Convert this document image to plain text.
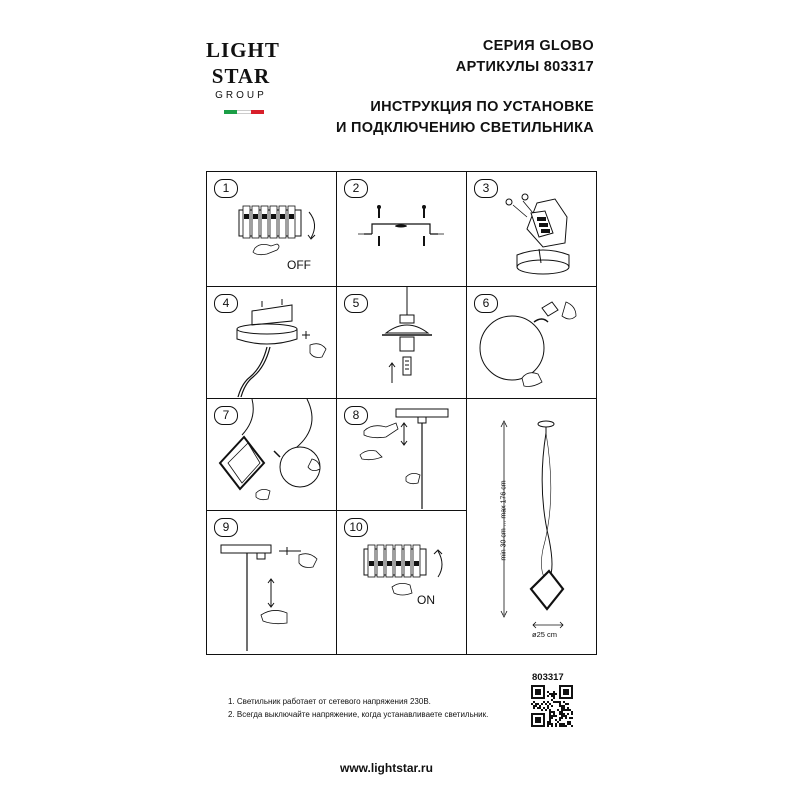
LIGHT
STAR
GROUP
СЕРИЯ GLOBO
АРТИКУЛЫ 803317
ИНСТРУКЦИЯ ПО УСТАНОВКЕ
И ПОДКЛЮЧЕНИЮ СВЕТИЛЬНИКА
1
OFF
2	3
4	5	6
7	8
9	10
ON
min 30 cm ... max 176 cm
ø25 cm
803317
1. Светильник работает от сетевого напряжения 230В.
2. Всегда выключайте напряжение, когда устанавливаете светильник.
www.lightstar.ru
